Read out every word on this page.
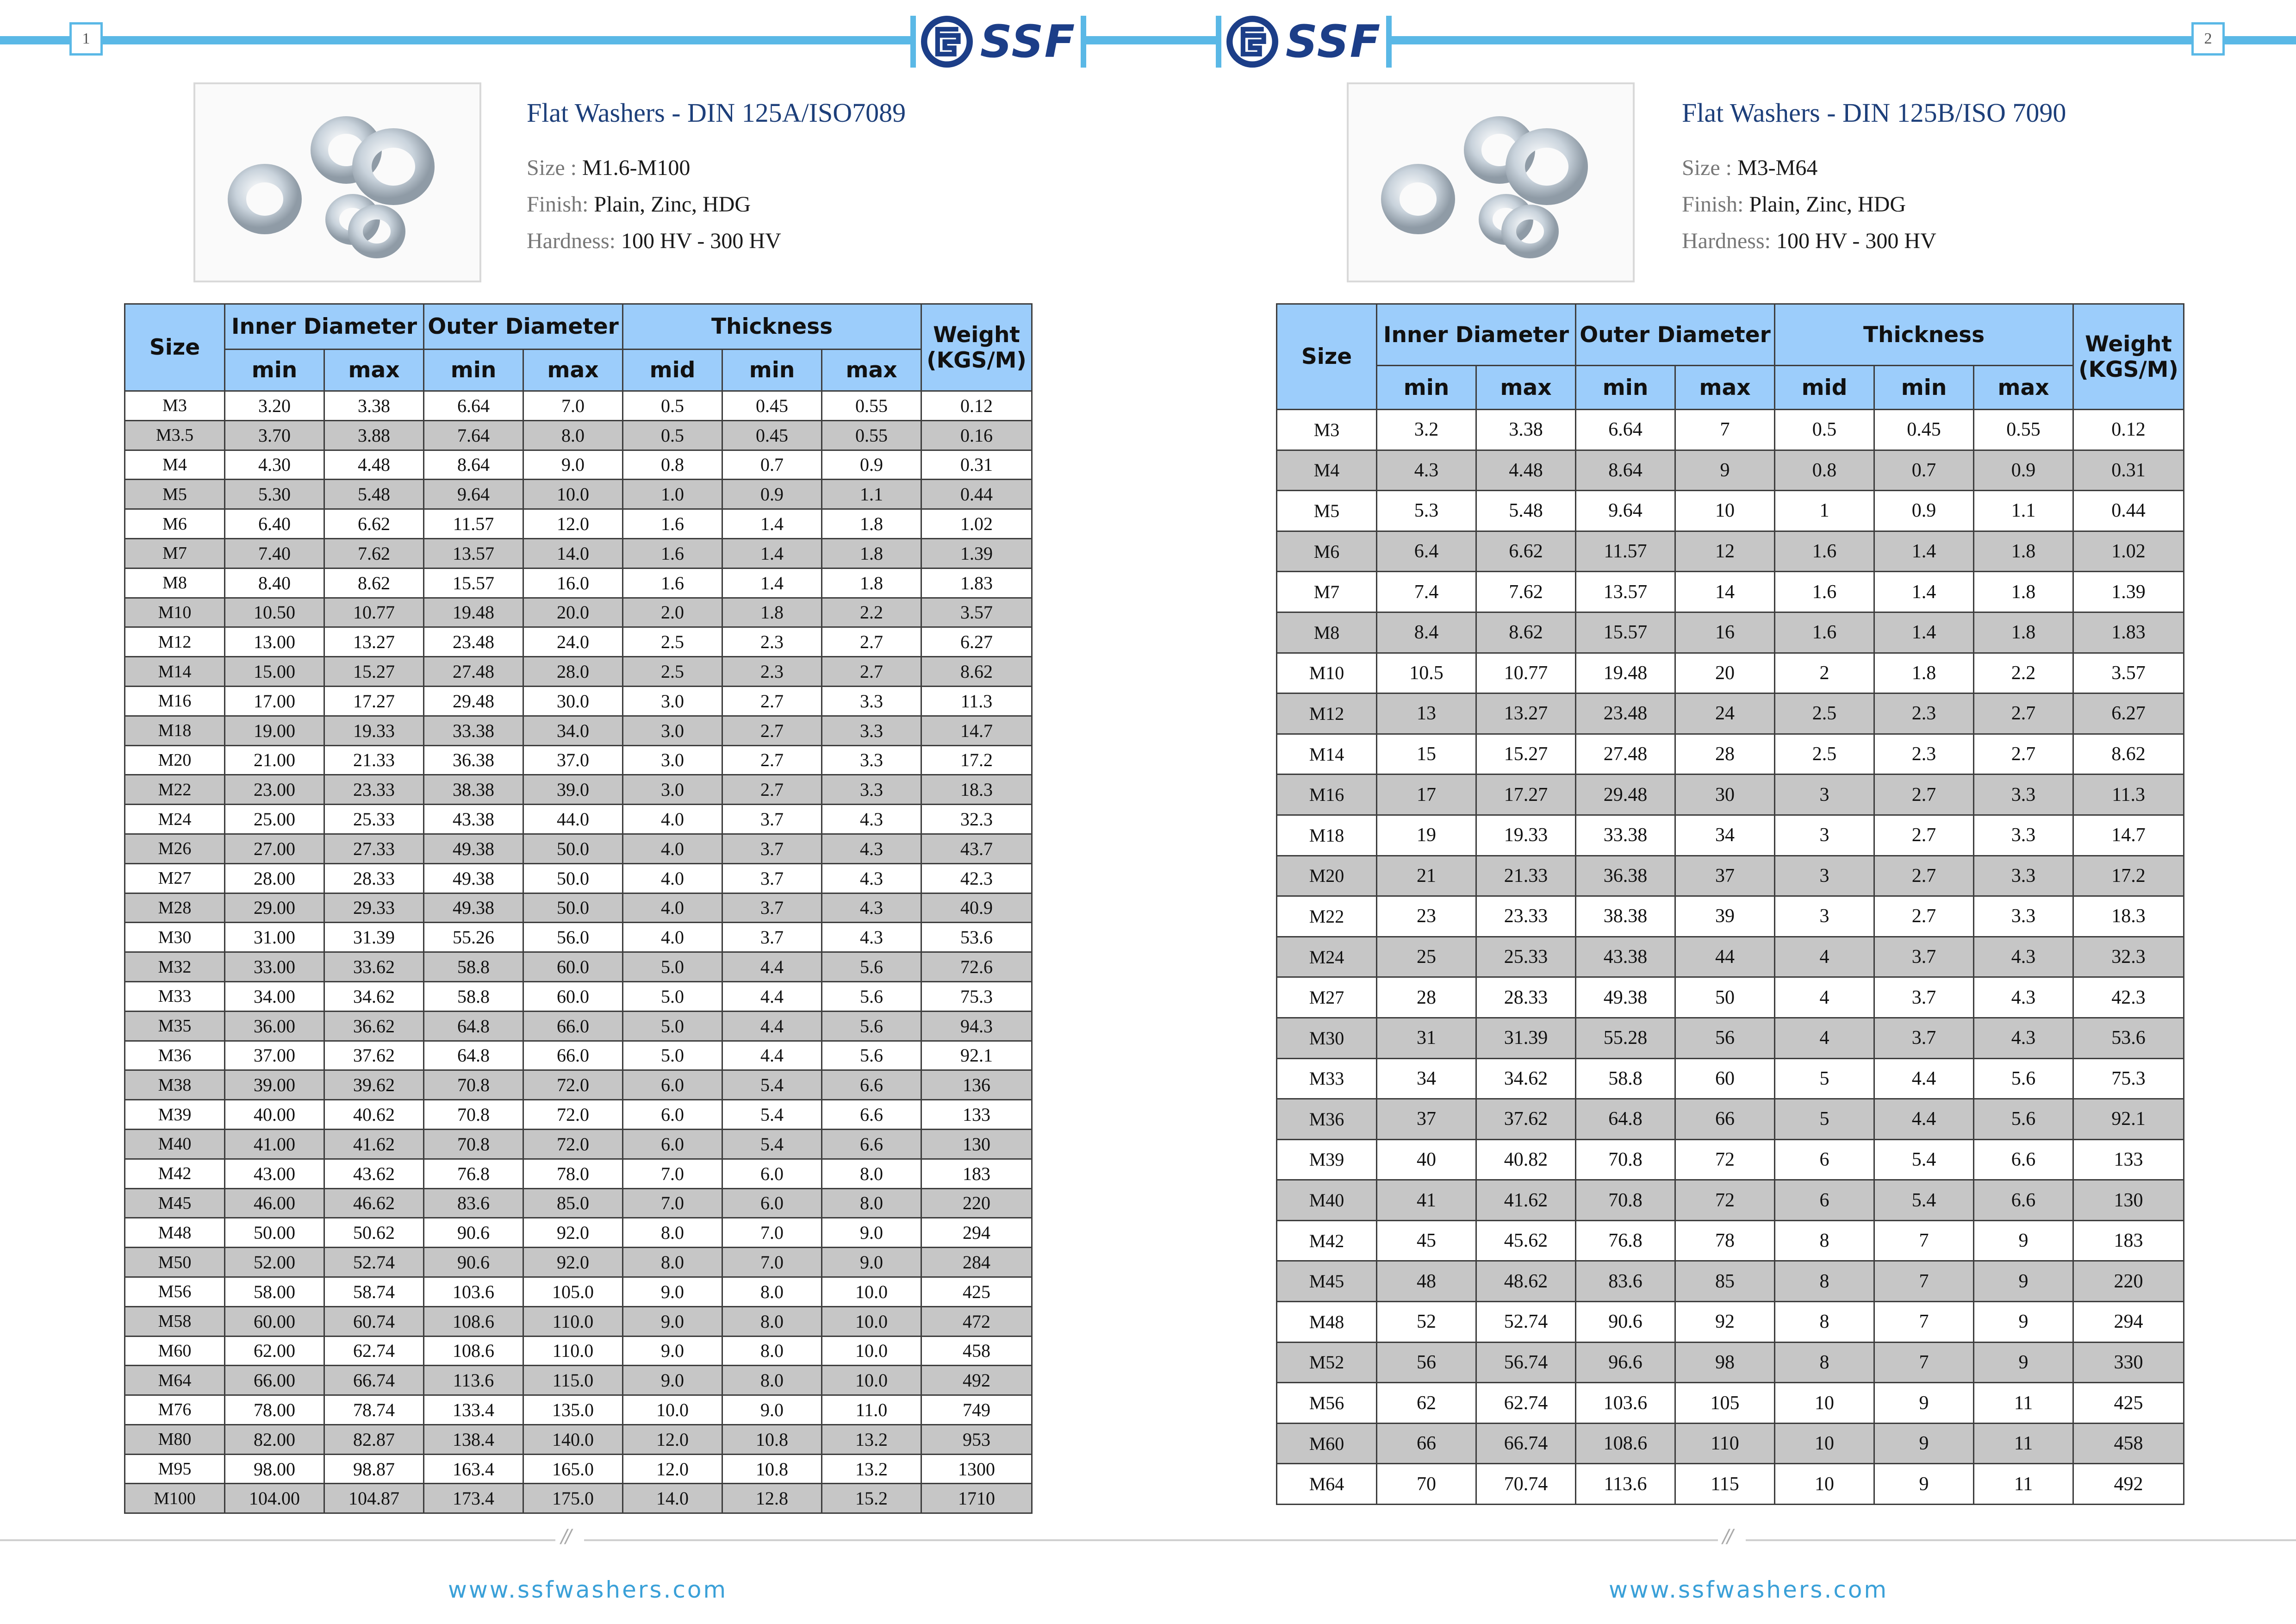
1	SSF	SSF	2
Flat Washers - DIN 125A/ISO7089
Size : M1.6-M100
Finish: Plain, Zinc, HDG
Hardness: 100 HV - 300 HV
Size	Inner Diameter		Outer Diameter		Thickness			Weight
(KGS/M)
	min	max	min	max	mid	min	max	
M3	3.20	3.38	6.64	7.0	0.5	0.45	0.55	0.12
M3.5	3.70	3.88	7.64	8.0	0.5	0.45	0.55	0.16
M4	4.30	4.48	8.64	9.0	0.8	0.7	0.9	0.31
M5	5.30	5.48	9.64	10.0	1.0	0.9	1.1	0.44
M6	6.40	6.62	11.57	12.0	1.6	1.4	1.8	1.02
M7	7.40	7.62	13.57	14.0	1.6	1.4	1.8	1.39
M8	8.40	8.62	15.57	16.0	1.6	1.4	1.8	1.83
M10	10.50	10.77	19.48	20.0	2.0	1.8	2.2	3.57
M12	13.00	13.27	23.48	24.0	2.5	2.3	2.7	6.27
M14	15.00	15.27	27.48	28.0	2.5	2.3	2.7	8.62
M16	17.00	17.27	29.48	30.0	3.0	2.7	3.3	11.3
M18	19.00	19.33	33.38	34.0	3.0	2.7	3.3	14.7
M20	21.00	21.33	36.38	37.0	3.0	2.7	3.3	17.2
M22	23.00	23.33	38.38	39.0	3.0	2.7	3.3	18.3
M24	25.00	25.33	43.38	44.0	4.0	3.7	4.3	32.3
M26	27.00	27.33	49.38	50.0	4.0	3.7	4.3	43.7
M27	28.00	28.33	49.38	50.0	4.0	3.7	4.3	42.3
M28	29.00	29.33	49.38	50.0	4.0	3.7	4.3	40.9
M30	31.00	31.39	55.26	56.0	4.0	3.7	4.3	53.6
M32	33.00	33.62	58.8	60.0	5.0	4.4	5.6	72.6
M33	34.00	34.62	58.8	60.0	5.0	4.4	5.6	75.3
M35	36.00	36.62	64.8	66.0	5.0	4.4	5.6	94.3
M36	37.00	37.62	64.8	66.0	5.0	4.4	5.6	92.1
M38	39.00	39.62	70.8	72.0	6.0	5.4	6.6	136
M39	40.00	40.62	70.8	72.0	6.0	5.4	6.6	133
M40	41.00	41.62	70.8	72.0	6.0	5.4	6.6	130
M42	43.00	43.62	76.8	78.0	7.0	6.0	8.0	183
M45	46.00	46.62	83.6	85.0	7.0	6.0	8.0	220
M48	50.00	50.62	90.6	92.0	8.0	7.0	9.0	294
M50	52.00	52.74	90.6	92.0	8.0	7.0	9.0	284
M56	58.00	58.74	103.6	105.0	9.0	8.0	10.0	425
M58	60.00	60.74	108.6	110.0	9.0	8.0	10.0	472
M60	62.00	62.74	108.6	110.0	9.0	8.0	10.0	458
M64	66.00	66.74	113.6	115.0	9.0	8.0	10.0	492
M76	78.00	78.74	133.4	135.0	10.0	9.0	11.0	749
M80	82.00	82.87	138.4	140.0	12.0	10.8	13.2	953
M95	98.00	98.87	163.4	165.0	12.0	10.8	13.2	1300
M100	104.00	104.87	173.4	175.0	14.0	12.8	15.2	1710
Flat Washers - DIN 125B/ISO 7090
Size : M3-M64
Finish: Plain, Zinc, HDG
Hardness: 100 HV - 300 HV
Size	Inner Diameter		Outer Diameter		Thickness			Weight
(KGS/M)
	min	max	min	max	mid	min	max	
M3	3.2	3.38	6.64	7	0.5	0.45	0.55	0.12
M4	4.3	4.48	8.64	9	0.8	0.7	0.9	0.31
M5	5.3	5.48	9.64	10	1	0.9	1.1	0.44
M6	6.4	6.62	11.57	12	1.6	1.4	1.8	1.02
M7	7.4	7.62	13.57	14	1.6	1.4	1.8	1.39
M8	8.4	8.62	15.57	16	1.6	1.4	1.8	1.83
M10	10.5	10.77	19.48	20	2	1.8	2.2	3.57
M12	13	13.27	23.48	24	2.5	2.3	2.7	6.27
M14	15	15.27	27.48	28	2.5	2.3	2.7	8.62
M16	17	17.27	29.48	30	3	2.7	3.3	11.3
M18	19	19.33	33.38	34	3	2.7	3.3	14.7
M20	21	21.33	36.38	37	3	2.7	3.3	17.2
M22	23	23.33	38.38	39	3	2.7	3.3	18.3
M24	25	25.33	43.38	44	4	3.7	4.3	32.3
M27	28	28.33	49.38	50	4	3.7	4.3	42.3
M30	31	31.39	55.28	56	4	3.7	4.3	53.6
M33	34	34.62	58.8	60	5	4.4	5.6	75.3
M36	37	37.62	64.8	66	5	4.4	5.6	92.1
M39	40	40.82	70.8	72	6	5.4	6.6	133
M40	41	41.62	70.8	72	6	5.4	6.6	130
M42	45	45.62	76.8	78	8	7	9	183
M45	48	48.62	83.6	85	8	7	9	220
M48	52	52.74	90.6	92	8	7	9	294
M52	56	56.74	96.6	98	8	7	9	330
M56	62	62.74	103.6	105	10	9	11	425
M60	66	66.74	108.6	110	10	9	11	458
M64	70	70.74	113.6	115	10	9	11	492
//	//
www.ssfwashers.com	www.ssfwashers.com
